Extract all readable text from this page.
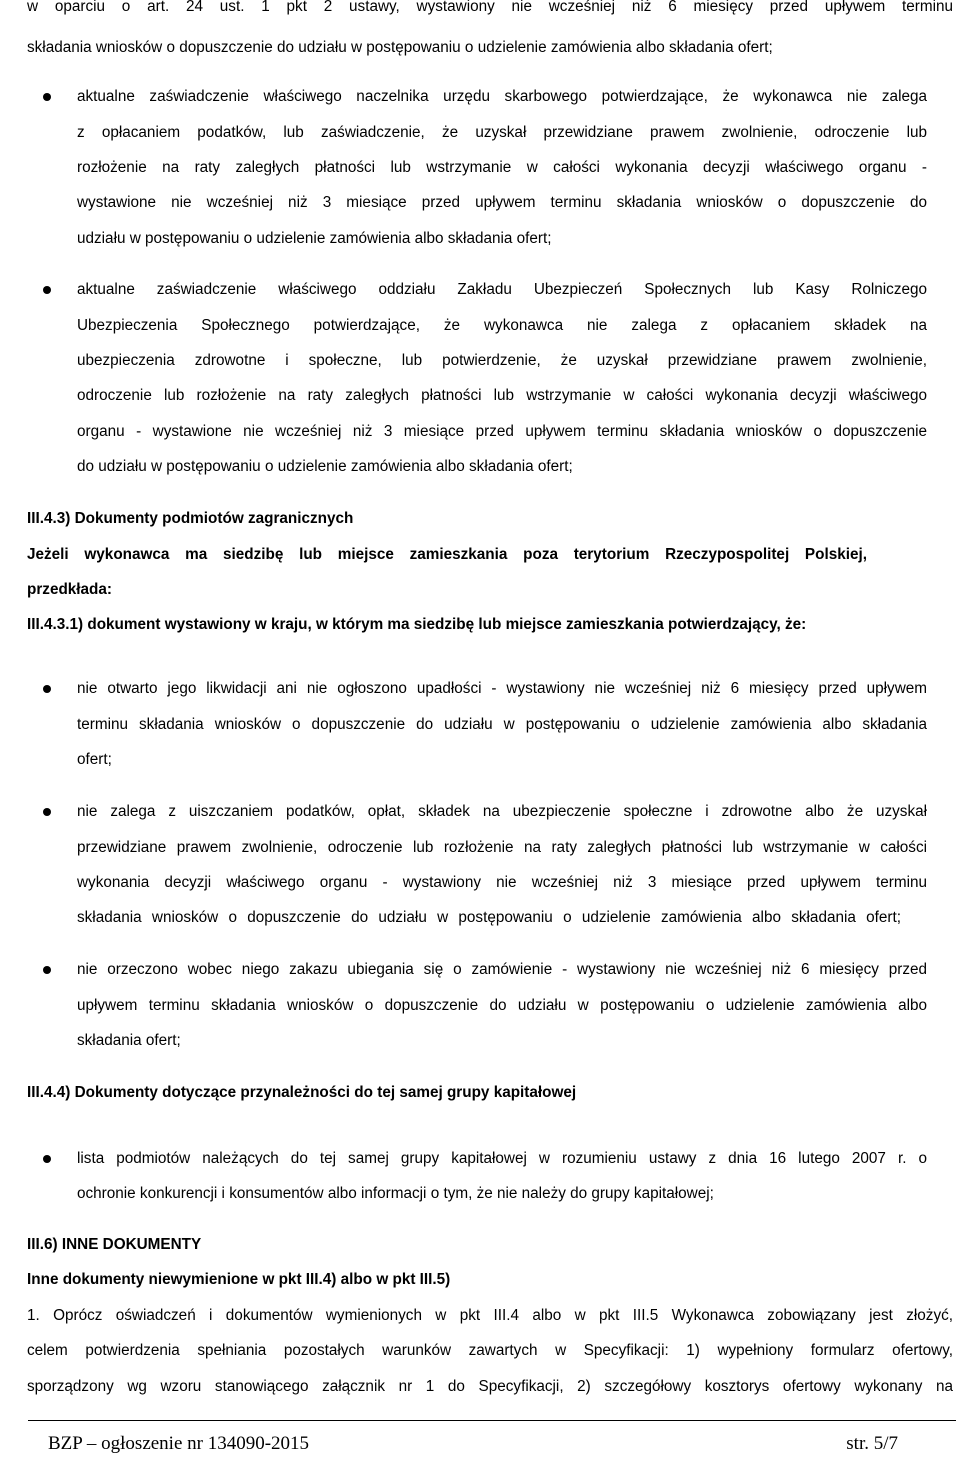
w oparciu o art. 24 ust. 1 pkt 2 ustawy, wystawiony nie wcześniej niż 6 miesięcy przed upływem terminu
składania wniosków o dopuszczenie do udziału w postępowaniu o udzielenie zamówienia albo składania ofert;
aktualne zaświadczenie właściwego naczelnika urzędu skarbowego potwierdzające, że wykonawca nie zalega
z opłacaniem podatków, lub zaświadczenie, że uzyskał przewidziane prawem zwolnienie, odroczenie lub
rozłożenie na raty zaległych płatności lub wstrzymanie w całości wykonania decyzji właściwego organu -
wystawione nie wcześniej niż 3 miesiące przed upływem terminu składania wniosków o dopuszczenie do
udziału w postępowaniu o udzielenie zamówienia albo składania ofert;
aktualne zaświadczenie właściwego oddziału Zakładu Ubezpieczeń Społecznych lub Kasy Rolniczego
Ubezpieczenia Społecznego potwierdzające, że wykonawca nie zalega z opłacaniem składek na
ubezpieczenia zdrowotne i społeczne, lub potwierdzenie, że uzyskał przewidziane prawem zwolnienie,
odroczenie lub rozłożenie na raty zaległych płatności lub wstrzymanie w całości wykonania decyzji właściwego
organu - wystawione nie wcześniej niż 3 miesiące przed upływem terminu składania wniosków o dopuszczenie
do udziału w postępowaniu o udzielenie zamówienia albo składania ofert;
III.4.3) Dokumenty podmiotów zagranicznych
Jeżeli wykonawca ma siedzibę lub miejsce zamieszkania poza terytorium Rzeczypospolitej Polskiej,
przedkłada:
III.4.3.1) dokument wystawiony w kraju, w którym ma siedzibę lub miejsce zamieszkania potwierdzający, że:
nie otwarto jego likwidacji ani nie ogłoszono upadłości - wystawiony nie wcześniej niż 6 miesięcy przed upływem
terminu składania wniosków o dopuszczenie do udziału w postępowaniu o udzielenie zamówienia albo składania
ofert;
nie zalega z uiszczaniem podatków, opłat, składek na ubezpieczenie społeczne i zdrowotne albo że uzyskał
przewidziane prawem zwolnienie, odroczenie lub rozłożenie na raty zaległych płatności lub wstrzymanie w całości
wykonania decyzji właściwego organu - wystawiony nie wcześniej niż 3 miesiące przed upływem terminu
składania wniosków o dopuszczenie do udziału w postępowaniu o udzielenie zamówienia albo składania ofert;
nie orzeczono wobec niego zakazu ubiegania się o zamówienie - wystawiony nie wcześniej niż 6 miesięcy przed
upływem terminu składania wniosków o dopuszczenie do udziału w postępowaniu o udzielenie zamówienia albo
składania ofert;
III.4.4) Dokumenty dotyczące przynależności do tej samej grupy kapitałowej
lista podmiotów należących do tej samej grupy kapitałowej w rozumieniu ustawy z dnia 16 lutego 2007 r. o
ochronie konkurencji i konsumentów albo informacji o tym, że nie należy do grupy kapitałowej;
III.6) INNE DOKUMENTY
Inne dokumenty niewymienione w pkt III.4) albo w pkt III.5)
1. Oprócz oświadczeń i dokumentów wymienionych w pkt III.4 albo w pkt III.5 Wykonawca zobowiązany jest złożyć,
celem potwierdzenia spełniania pozostałych warunków zawartych w Specyfikacji: 1) wypełniony formularz ofertowy,
sporządzony wg wzoru stanowiącego załącznik nr 1 do Specyfikacji, 2) szczegółowy kosztorys ofertowy wykonany na
BZP – ogłoszenie nr 134090-2015	str. 5/7
